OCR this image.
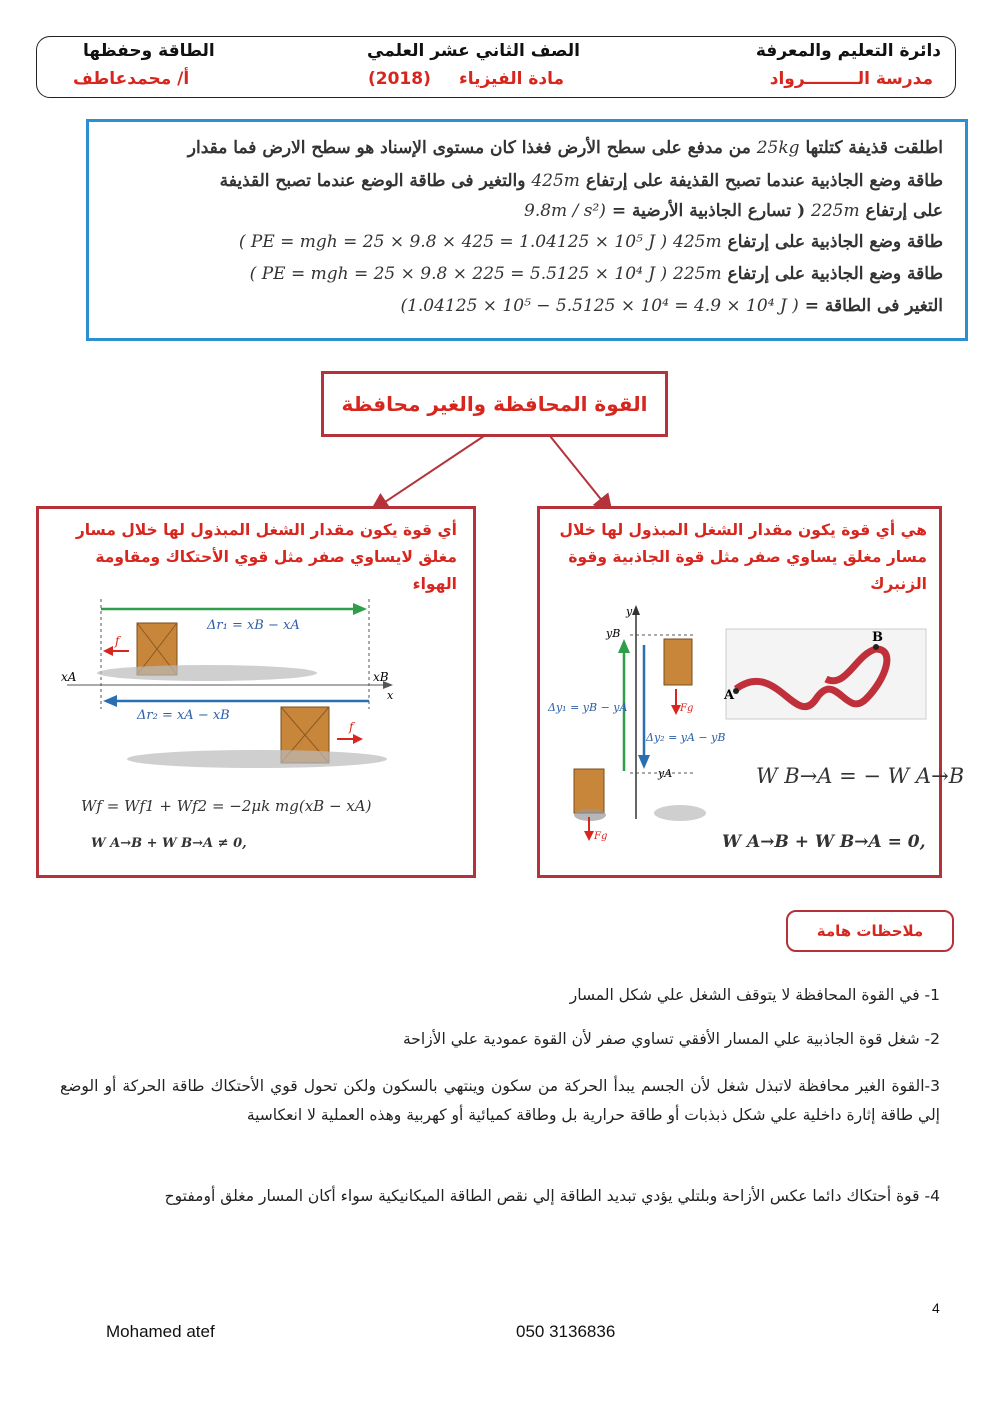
دائرة التعليم والمعرفة
مدرسة الـــــــــرواد
الصف الثاني عشر العلمي
(2018) مادة الفيزياء
الطاقة وحفظها
أ/ محمدعاطف
اطلقت قذيفة كتلتها 25kg من مدفع على سطح الأرض فغذا كان مستوى الإسناد هو سطح الارض فما مقدار
طاقة وضع الجاذبية عندما تصبح القذيفة على إرتفاع 425m والتغير فى طاقة الوضع عندما تصبح القذيفة
على إرتفاع 225m ( تسارع الجاذبية الأرضية = 9.8m / s²)
طاقة وضع الجاذبية على إرتفاع 425m ( PE = mgh = 25 × 9.8 × 425 = 1.04125 × 10⁵ J )
طاقة وضع الجاذبية على إرتفاع 225m ( PE = mgh = 25 × 9.8 × 225 = 5.5125 × 10⁴ J )
التغير فى الطاقة = (1.04125 × 10⁵ − 5.5125 × 10⁴ = 4.9 × 10⁴ J )
القوة المحافظة والغير محافظة
أي قوة يكون مقدار الشغل المبذول لها خلال مسار مغلق لايساوي صفر مثل قوي الأحتكاك ومقاومة الهواء
Δr₁ = xB − xA
f
x
xA	xB
Δr₂ = xA − xB
f
Wf = Wf1 + Wf2 = −2μk mg(xB − xA)
W A→B + W B→A ≠ 0,
هي أي قوة يكون مقدار الشغل المبذول لها خلال مسار مغلق يساوي صفر مثل قوة الجاذبية وقوة الزنبرك
y
yB
yA
Δy₁ = yB − yA
Δy₂ = yA − yB
Fg
Fg
A
B
W B→A = − W A→B
W A→B + W B→A = 0,
ملاحظات هامة
1- في القوة المحافظة لا يتوقف الشغل علي شكل المسار
2- شغل قوة الجاذبية علي المسار الأفقي تساوي صفر لأن القوة عمودية علي الأزاحة
3-القوة الغير محافظة لاتبذل شغل لأن الجسم يبدأ الحركة من سكون وينتهي بالسكون ولكن تحول قوي الأحتكاك طاقة الحركة أو الوضع إلي طاقة إثارة داخلية علي شكل ذبذبات أو طاقة حرارية بل وطاقة كميائية أو كهربية وهذه العملية لا انعكاسية
4- قوة أحتكاك دائما عكس الأزاحة وبلتلي يؤدي تبديد الطاقة إلي نقص الطاقة الميكانيكية سواء أكان المسار مغلق أومفتوح
4
Mohamed atef	050 3136836
